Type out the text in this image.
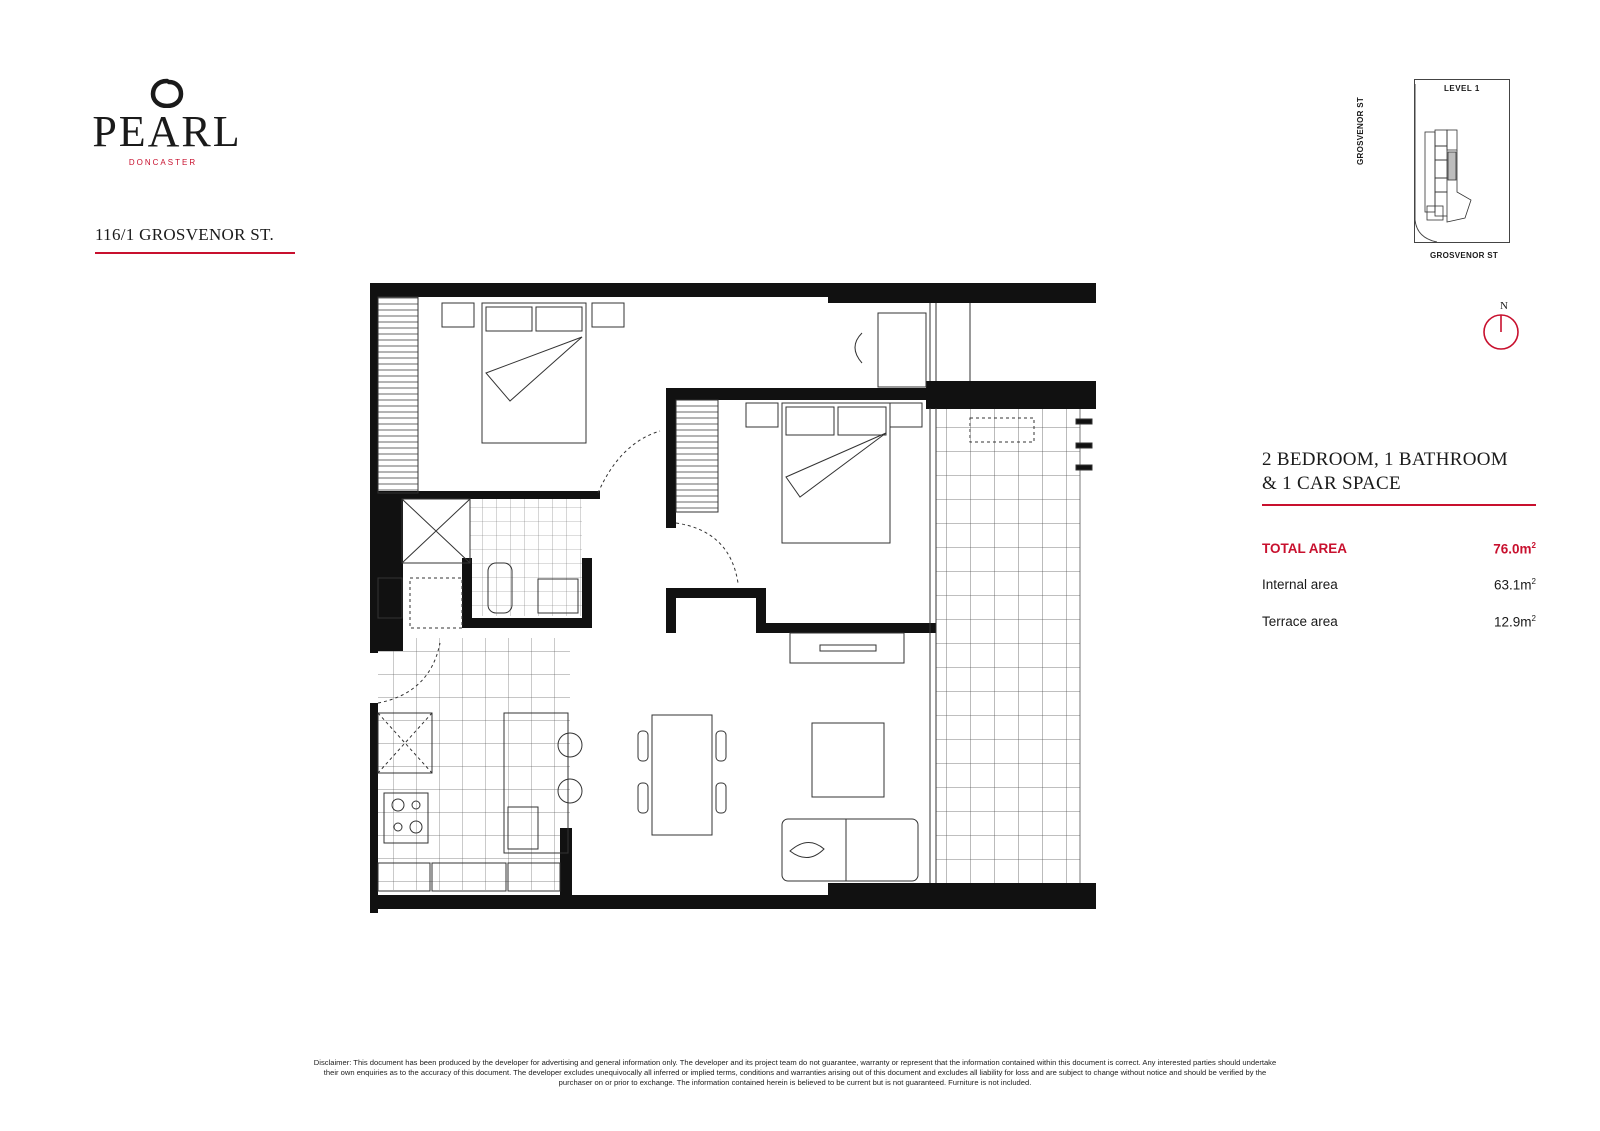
PEARL
DONCASTER
116/1 GROSVENOR ST.
LEVEL 1
GROSVENOR ST
GROSVENOR ST
N
2 BEDROOM, 1 BATHROOM
& 1 CAR SPACE
TOTAL AREA	$76.0m^2$
Internal area	$63.1m^2$
Terrace area	$12.9m^2$
Disclaimer: This document has been produced by the developer for advertising and general information only. The developer and its project team do not guarantee, warranty or represent that the information contained within this document is correct. Any interested parties should undertake their own enquiries as to the accuracy of this document. The developer excludes unequivocally all inferred or implied terms, conditions and warranties arising out of this document and excludes all liability for loss and are subject to change without notice and should be verified by the purchaser on or prior to exchange. The information contained herein is believed to be current but is not guaranteed. Furniture is not included.
